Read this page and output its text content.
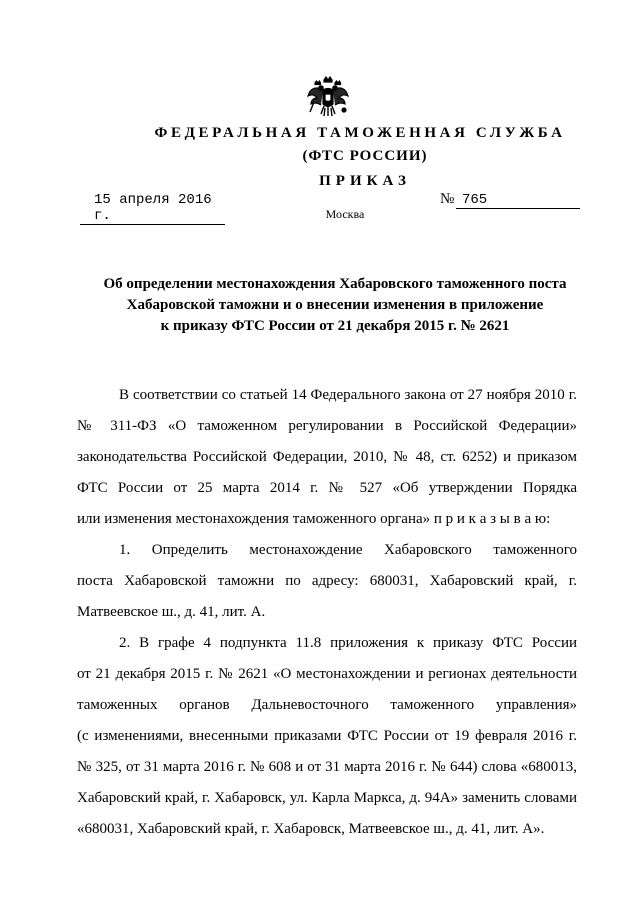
ФЕДЕРАЛЬНАЯ ТАМОЖЕННАЯ СЛУЖБА
(ФТС РОССИИ)
ПРИКАЗ
15 апреля 2016 г.
№ 765
Москва
Об определении местонахождения Хабаровского таможенного поста
Хабаровской таможни и о внесении изменения в приложение
к приказу ФТС России от 21 декабря 2015 г. № 2621
В соответствии со статьей 14 Федерального закона от 27 ноября 2010 г.
№ 311-ФЗ «О таможенном регулировании в Российской Федерации»
законодательства Российской Федерации, 2010, № 48, ст. 6252) и приказом
ФТС России от 25 марта 2014 г. № 527 «Об утверждении Порядка
или изменения местонахождения таможенного органа» п р и к а з ы в а ю:
1. Определить местонахождение Хабаровского таможенного
поста Хабаровской таможни по адресу: 680031, Хабаровский край, г.
Матвеевское ш., д. 41, лит. А.
2. В графе 4 подпункта 11.8 приложения к приказу ФТС России
от 21 декабря 2015 г. № 2621 «О местонахождении и регионах деятельности
таможенных органов Дальневосточного таможенного управления»
(с изменениями, внесенными приказами ФТС России от 19 февраля 2016 г.
№ 325, от 31 марта 2016 г. № 608 и от 31 марта 2016 г. № 644) слова «680013,
Хабаровский край, г. Хабаровск, ул. Карла Маркса, д. 94А» заменить словами
«680031, Хабаровский край, г. Хабаровск, Матвеевское ш., д. 41, лит. А».
